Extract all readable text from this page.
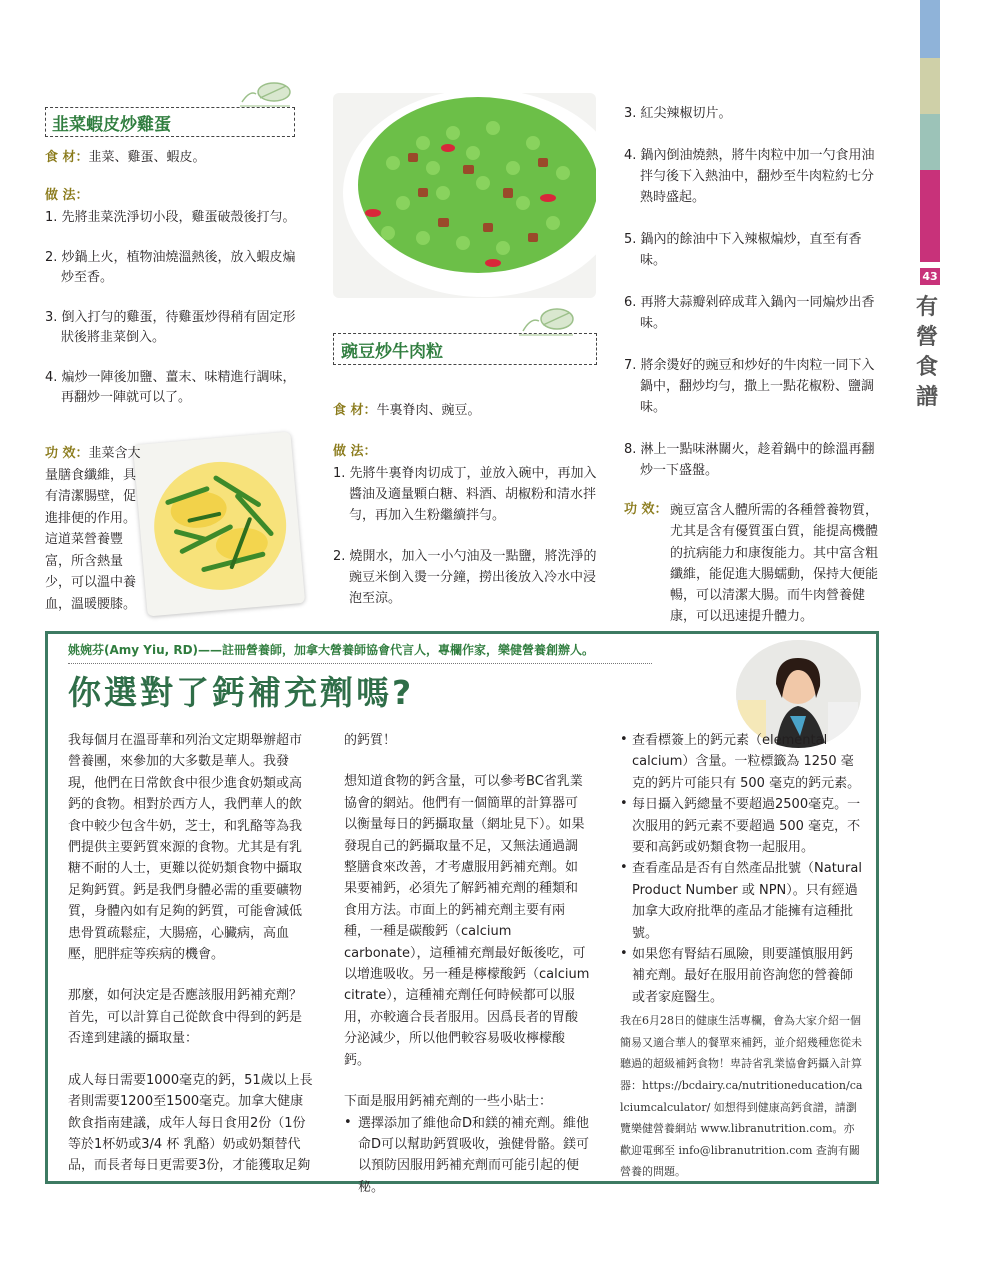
43
有營食譜
韭菜蝦皮炒雞蛋

食 材：韭菜、雞蛋、蝦皮。

做 法：

1. 先將韭菜洗淨切小段，雞蛋破殼後打勻。

2. 炒鍋上火，植物油燒溫熱後，放入蝦皮煸炒至香。

3. 倒入打勻的雞蛋，待雞蛋炒得稍有固定形狀後將韭菜倒入。

4. 煸炒一陣後加鹽、薑末、味精進行調味，再翻炒一陣就可以了。

功 效：韭菜含大量膳食纖維，具有清潔腸壁，促進排便的作用。這道菜營養豐富，所含熱量少，可以溫中養血，溫暖腰膝。

豌豆炒牛肉粒

食 材：牛裏脊肉、豌豆。

做 法：

1. 先將牛裏脊肉切成丁，並放入碗中，再加入醬油及適量顆白糖、料酒、胡椒粉和清水拌勻，再加入生粉繼續拌勻。

2. 燒開水，加入一小勺油及一點鹽，將洗淨的豌豆米倒入燙一分鐘，撈出後放入冷水中浸泡至涼。

3. 紅尖辣椒切片。

4. 鍋內倒油燒熱，將牛肉粒中加一勺食用油拌勻後下入熱油中，翻炒至牛肉粒約七分熟時盛起。

5. 鍋內的餘油中下入辣椒煸炒，直至有香味。

6. 再將大蒜瓣剁碎成茸入鍋內一同煸炒出香味。

7. 將余燙好的豌豆和炒好的牛肉粒一同下入鍋中，翻炒均勻，撒上一點花椒粉、鹽調味。

8. 淋上一點味淋關火，趁着鍋中的餘溫再翻炒一下盛盤。

功 效： 豌豆富含人體所需的各種營養物質，尤其是含有優質蛋白質，能提高機體的抗病能力和康復能力。其中富含粗纖維，能促進大腸蠕動，保持大便能暢，可以清潔大腸。而牛肉營養健康，可以迅速提升體力。
姚婉芬(Amy Yiu, RD)——註冊營養師，加拿大營養師協會代言人，專欄作家，樂健營養創辦人。
你選對了鈣補充劑嗎?

我每個月在溫哥華和列治文定期舉辦超市營養團，來參加的大多數是華人。我發現，他們在日常飲食中很少進食奶類或高鈣的食物。相對於西方人，我們華人的飲食中較少包含牛奶，芝士，和乳酪等為我們提供主要鈣質來源的食物。尤其是有乳糖不耐的人士，更難以從奶類食物中攝取足夠鈣質。鈣是我們身體必需的重要礦物質，身體內如有足夠的鈣質，可能會減低患骨質疏鬆症，大腸癌，心臟病，高血壓，肥胖症等疾病的機會。

那麼，如何決定是否應該服用鈣補充劑？首先，可以計算自己從飲食中得到的鈣是否達到建議的攝取量：

成人每日需要1000毫克的鈣，51歲以上長者則需要1200至1500毫克。加拿大健康飲食指南建議，成年人每日食用2份（1份等於1杯奶或3/4 杯 乳酪）奶或奶類替代品，而長者每日更需要3份，才能獲取足夠

的鈣質！

想知道食物的鈣含量，可以參考BC省乳業協會的網站。他們有一個簡單的計算器可以衡量每日的鈣攝取量（網址見下）。如果發現自己的鈣攝取量不足，又無法通過調整膳食來改善，才考慮服用鈣補充劑。如果要補鈣，必須先了解鈣補充劑的種類和食用方法。市面上的鈣補充劑主要有兩種，一種是碳酸鈣（calcium carbonate），這種補充劑最好飯後吃，可以增進吸收。另一種是檸檬酸鈣（calcium citrate），這種補充劑任何時候都可以服用，亦較適合長者服用。因爲長者的胃酸分泌減少，所以他們較容易吸收檸檬酸鈣。

下面是服用鈣補充劑的一些小貼士：

• 選擇添加了維他命D和鎂的補充劑。維他命D可以幫助鈣質吸收，強健骨骼。鎂可以預防因服用鈣補充劑而可能引起的便秘。
• 查看標簽上的鈣元素（elemental calcium）含量。一粒標籤為 1250 毫克的鈣片可能只有 500 毫克的鈣元素。
• 每日攝入鈣總量不要超過2500毫克。一次服用的鈣元素不要超過 500 毫克，不要和高鈣或奶類食物一起服用。
• 查看產品是否有自然產品批號（Natural Product Number 或 NPN）。只有經過加拿大政府批準的產品才能擁有這種批號。
• 如果您有腎結石風險，則要謹慎服用鈣補充劑。最好在服用前咨詢您的營養師或者家庭醫生。

我在6月28日的健康生活專欄，會為大家介紹一個簡易又適合華人的餐單來補鈣，並介紹幾種您從未聽過的超級補鈣食物！卑詩省乳業協會鈣攝入計算器：https://bcdairy.ca/nutritioneducation/calciumcalculator/ 如想得到健康高鈣食譜，請瀏覽樂健營養網站 www.libranutrition.com。亦歡迎電郵至 info@libranutrition.com 查詢有關營養的問題。
